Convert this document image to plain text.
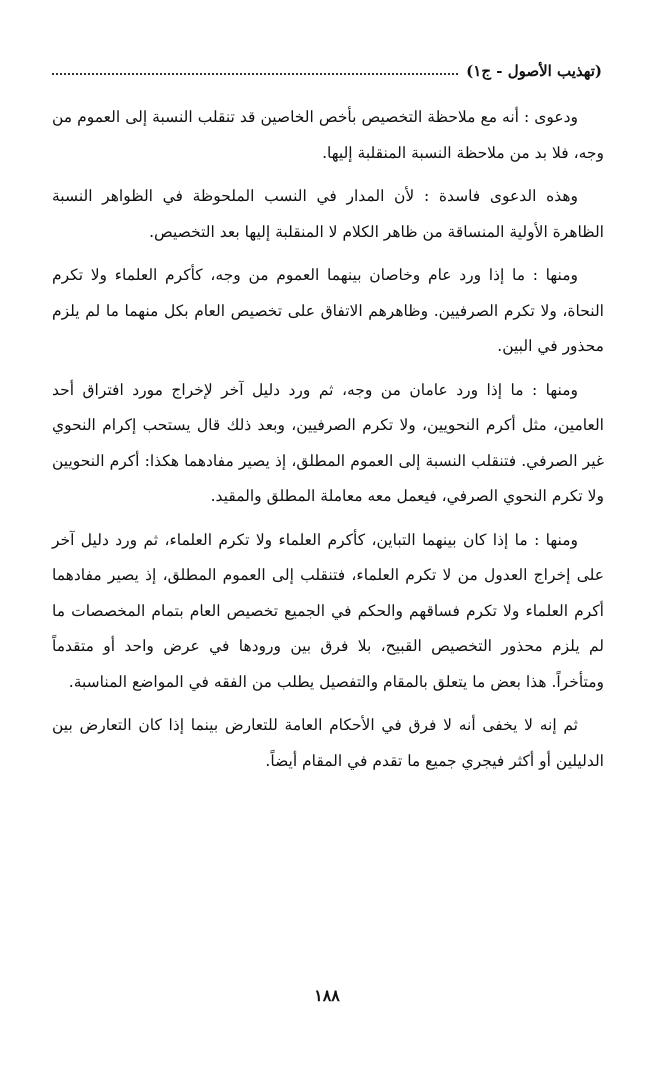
(تهذيب الأصول - ج١)

ودعوى : أنه مع ملاحظة التخصيص بأخص الخاصين قد تنقلب النسبة إلى العموم من وجه، فلا بد من ملاحظة النسبة المنقلبة إليها.

وهذه الدعوى فاسدة : لأن المدار في النسب الملحوظة في الظواهر النسبة الظاهرة الأولية المنساقة من ظاهر الكلام لا المنقلبة إليها بعد التخصيص.

ومنها : ما إذا ورد عام وخاصان بينهما العموم من وجه، كأكرم العلماء ولا تكرم النحاة، ولا تكرم الصرفيين. وظاهرهم الاتفاق على تخصيص العام بكل منهما ما لم يلزم محذور في البين.

ومنها : ما إذا ورد عامان من وجه، ثم ورد دليل آخر لإخراج مورد افتراق أحد العامين، مثل أكرم النحويين، ولا تكرم الصرفيين، وبعد ذلك قال يستحب إكرام النحوي غير الصرفي. فتنقلب النسبة إلى العموم المطلق، إذ يصير مفادهما هكذا: أكرم النحويين ولا تكرم النحوي الصرفي، فيعمل معه معاملة المطلق والمقيد.

ومنها : ما إذا كان بينهما التباين، كأكرم العلماء ولا تكرم العلماء، ثم ورد دليل آخر على إخراج العدول من لا تكرم العلماء، فتنقلب إلى العموم المطلق، إذ يصير مفادهما أكرم العلماء ولا تكرم فساقهم والحكم في الجميع تخصيص العام بتمام المخصصات ما لم يلزم محذور التخصيص القبيح، بلا فرق بين ورودها في عرض واحد أو متقدماً ومتأخراً. هذا بعض ما يتعلق بالمقام والتفصيل يطلب من الفقه في المواضع المناسبة.

ثم إنه لا يخفى أنه لا فرق في الأحكام العامة للتعارض بينما إذا كان التعارض بين الدليلين أو أكثر فيجري جميع ما تقدم في المقام أيضاً.

١٨٨
